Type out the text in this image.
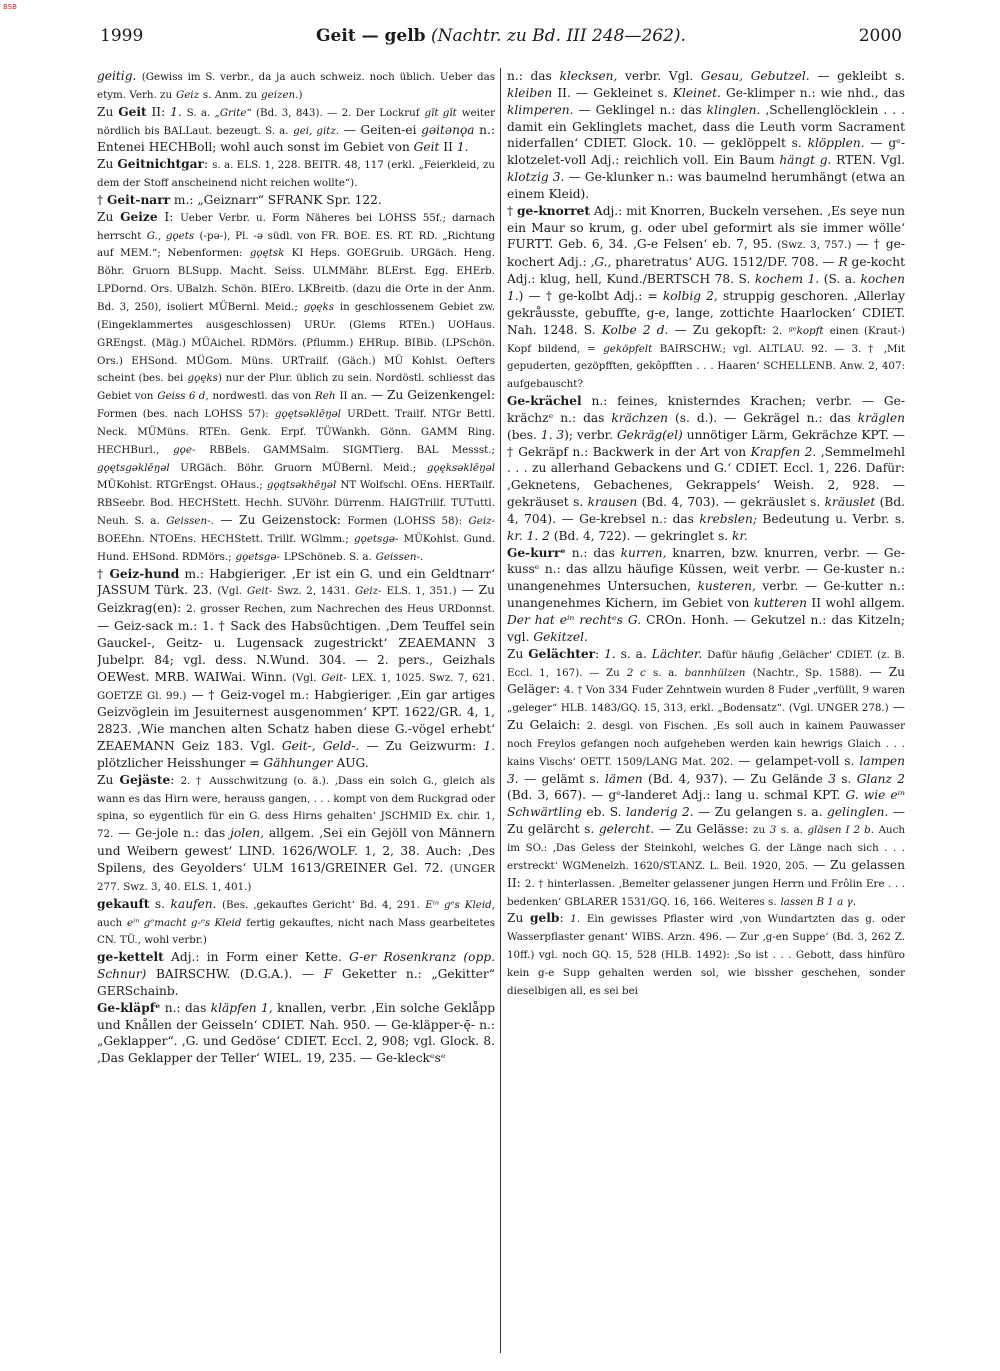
BSB
1999	Geit — gelb (Nachtr. zu Bd. III 248—262).	2000

geitig. (Gewiss im S. verbr., da ja auch schweiz. noch üblich. Ueber das etym. Verh. zu Geiz s. Anm. zu geizen.)

Zu Geit II: 1. S. a. „Grite“ (Bd. 3, 843). — 2. Der Lockruf gīt gīt weiter nördlich bis BALLaut. bezeugt. S. a. gei, gitz. — Geiten-ei gəitənǫa n.: Entenei HECHBoll; wohl auch sonst im Gebiet von Geit II 1.

Zu Geitnichtgar: s. a. ELS. 1, 228. BEITR. 48, 117 (erkl. „Feierkleid, zu dem der Stoff anscheinend nicht reichen wollte“).

† Geit-narr m.: „Geiznarr“ SFRANK Spr. 122.

Zu Geize I: Ueber Verbr. u. Form Näheres bei LOHSS 55f.; darnach herrscht G., gǫets (-pə-), Pl. -ə südl. von FR. BOE. ES. RT. RD. „Richtung auf MEM.“; Nebenformen: gǫętsk KI Heps. GOEGruib. URGäch. Heng. Böhr. Gruorn BLSupp. Macht. Seiss. ULMMähr. BLErst. Egg. EHErb. LPDornd. Ors. UBalzh. Schön. BIEro. LKBreitb. (dazu die Orte in der Anm. Bd. 3, 250), isoliert MÜBernl. Meid.; gǫęks in geschlossenem Gebiet zw. (Eingeklammertes ausgeschlossen) URUr. (Glems RTEn.) UOHaus. GREngst. (Mäg.) MÜAichel. RDMörs. (Pflumm.) EHRup. BIBib. (LPSchön. Ors.) EHSond. MÜGom. Müns. URTrailf. (Gäch.) MÜ Kohlst. Oefters scheint (bes. bei gǫęks) nur der Plur. üblich zu sein. Nordöstl. schliesst das Gebiet von Geiss 6 d, nordwestl. das von Reh II an. — Zu Geizenkengel: Formen (bes. nach LOHSS 57): gǫętsəklēŋəl URDett. Trailf. NTGr Bettl. Neck. MÜMüns. RTEn. Genk. Erpf. TÜWankh. Gönn. GAMM Ring. HECHBurl., gǫe- RBBels. GAMMSalm. SIGMTierg. BAL Messst.; gǫętsgəklēŋəl URGäch. Böhr. Gruorn MÜBernl. Meid.; gǫęksəklēŋəl MÜKohlst. RTGrEngst. OHaus.; gǫątsəkhēŋəl NT Wolfschl. OEns. HERTailf. RBSeebr. Bod. HECHStett. Hechh. SUVöhr. Dürrenm. HAIGTrillf. TUTuttl. Neuh. S. a. Geissen-. — Zu Geizenstock: Formen (LOHSS 58): Geiz- BOEEhn. NTOEns. HECHStett. Trillf. WGlmm.; gǫetsgə- MÜKohlst. Gund. Hund. EHSond. RDMörs.; gǫetsgə- LPSchöneb. S. a. Geissen-.

† Geiz-hund m.: Habgieriger. ‚Er ist ein G. und ein Geldtnarr‘ JASSUM Türk. 23. (Vgl. Geit- Swz. 2, 1431. Geiz- ELS. 1, 351.) — Zu Geizkrag(en): 2. grosser Rechen, zum Nachrechen des Heus URDonnst. — Geiz-sack m.: 1. † Sack des Habsüchtigen. ‚Dem Teuffel sein Gauckel-, Geitz- u. Lugensack zugestrickt‘ ZEAEMANN 3 Jubelpr. 84; vgl. dess. N.Wund. 304. — 2. pers., Geizhals OEWest. MRB. WAIWai. Winn. (Vgl. Geit- LEX. 1, 1025. Swz. 7, 621. GOETZE Gl. 99.) — † Geiz-vogel m.: Habgieriger. ‚Ein gar artiges Geizvöglein im Jesuiternest ausgenommen‘ KPT. 1622/GR. 4, 1, 2823. ‚Wie manchen alten Schatz haben diese G.-vögel erhebt‘ ZEAEMANN Geiz 183. Vgl. Geit-, Geld-. — Zu Geizwurm: 1. plötzlicher Heisshunger = Gähhunger AUG.

Zu Gejäste: 2. † Ausschwitzung (o. ä.). ‚Dass ein solch G., gleich als wann es das Hirn were, herauss gangen, . . . kompt von dem Ruckgrad oder spina, so eygentlich für ein G. dess Hirns gehalten‘ JSCHMID Ex. chir. 1, 72. — Ge-jole n.: das jolen, allgem. ‚Sei ein Gejöll von Männern und Weibern gewest‘ LIND. 1626/WOLF. 1, 2, 38. Auch: ‚Des Spilens, des Geyolders‘ ULM 1613/GREINER Gel. 72. (UNGER 277. Swz. 3, 40. ELS. 1, 401.)

gekauft s. kaufen. (Bes. ‚gekauftes Gericht‘ Bd. 4, 291. Eⁱⁿ gᵉs Kleid, auch eⁱⁿ gᵉmacht g-ᵉs Kleid fertig gekauftes, nicht nach Mass gearbeitetes CN. TÜ., wohl verbr.)

ge-kettelt Adj.: in Form einer Kette. G-er Rosenkranz (opp. Schnur) BAIRSCHW. (D.G.A.). — F Geketter n.: „Gekitter“ GERSchainb.

Ge-kläpfᵉ n.: das kläpfen 1, knallen, verbr. ‚Ein solche Geklåpp und Knållen der Geisseln‘ CDIET. Nah. 950. — Ge-kläpper-ę̄- n.: „Geklapper“. ‚G. und Gedöse‘ CDIET. Eccl. 2, 908; vgl. Glock. 8. ‚Das Geklapper der Teller‘ WIEL. 19, 235. — Ge-kleckᵉsᵉ

n.: das klecksen, verbr. Vgl. Gesau, Gebutzel. — gekleibt s. kleiben II. — Gekleinet s. Kleinet. Ge-klimper n.: wie nhd., das klimperen. — Geklingel n.: das klinglen. ‚Schellenglöcklein . . . damit ein Geklinglets machet, dass die Leuth vorm Sacrament niderfallen‘ CDIET. Glock. 10. — geklöppelt s. klöpplen. — gᵉ-klotzelet-voll Adj.: reichlich voll. Ein Baum hängt g. RTEN. Vgl. klotzig 3. — Ge-klunker n.: was baumelnd herumhängt (etwa an einem Kleid).

† ge-knorret Adj.: mit Knorren, Buckeln versehen. ‚Es seye nun ein Maur so krum, g. oder ubel geformirt als sie immer wölle‘ FURTT. Geb. 6, 34. ‚G-e Felsen‘ eb. 7, 95. (Swz. 3, 757.) — † ge-kochert Adj.: ‚G., pharetratus‘ AUG. 1512/DF. 708. — R ge-kocht Adj.: klug, hell, Kund./BERTSCH 78. S. kochem 1. (S. a. kochen 1.) — † ge-kolbt Adj.: = kolbig 2, struppig geschoren. ‚Allerlay gekråusste, gebuffte, g-e, lange, zottichte Haarlocken‘ CDIET. Nah. 1248. S. Kolbe 2 d. — Zu gekopft: 2. ᵍᵉkopft einen (Kraut-) Kopf bildend, = geköpfelt BAIRSCHW.; vgl. ALTLAU. 92. — 3. † ‚Mit gepuderten, gezöpfften, gekôpfften . . . Haaren‘ SCHELLENB. Anw. 2, 407: aufgebauscht?

Ge-krächel n.: feines, knisterndes Krachen; verbr. — Ge-krächzᵉ n.: das krächzen (s. d.). — Gekrägel n.: das kräglen (bes. 1. 3); verbr. Gekräg(el) unnötiger Lärm, Gekrächze KPT. — † Gekräpf n.: Backwerk in der Art von Krapfen 2. ‚Semmelmehl . . . zu allerhand Gebackens und G.‘ CDIET. Eccl. 1, 226. Dafür: ‚Geknetens, Gebachenes, Gekrappels‘ Weish. 2, 928. — gekräuset s. krausen (Bd. 4, 703). — gekräuslet s. kräuslet (Bd. 4, 704). — Ge-krebsel n.: das krebslen; Bedeutung u. Verbr. s. kr. 1. 2 (Bd. 4, 722). — gekringlet s. kr.

Ge-kurrᵉ n.: das kurren, knarren, bzw. knurren, verbr. — Ge-kussᵉ n.: das allzu häufige Küssen, weit verbr. — Ge-kuster n.: unangenehmes Untersuchen, kusteren, verbr. — Ge-kutter n.: unangenehmes Kichern, im Gebiet von kutteren II wohl allgem. Der hat eⁱⁿ rechtᵉs G. CROn. Honh. — Gekutzel n.: das Kitzeln; vgl. Gekitzel.

Zu Gelächter: 1. s. a. Lächter. Dafür häufig ‚Gelächer‘ CDIET. (z. B. Eccl. 1, 167). — Zu 2 c s. a. bannhülzen (Nachtr., Sp. 1588). — Zu Geläger: 4. † Von 334 Fuder Zehntwein wurden 8 Fuder „verfüllt, 9 waren „geleger“ HLB. 1483/GQ. 15, 313, erkl. „Bodensatz“. (Vgl. UNGER 278.) — Zu Gelaich: 2. desgl. von Fischen. ‚Es soll auch in kainem Pauwasser noch Freylos gefangen noch aufgeheben werden kain hewrigs Glaich . . . kains Vischs‘ OETT. 1509/LANG Mat. 202. — gelampet-voll s. lampen 3. — gelämt s. lämen (Bd. 4, 937). — Zu Gelände 3 s. Glanz 2 (Bd. 3, 667). — gᵉ-landeret Adj.: lang u. schmal KPT. G. wie eⁱⁿ Schwärtling eb. S. landerig 2. — Zu gelangen s. a. gelinglen. — Zu gelärcht s. gelercht. — Zu Gelässe: zu 3 s. a. gläsen I 2 b. Auch im SO.: ‚Das Geless der Steinkohl, welches G. der Länge nach sich . . . erstreckt‘ WGMenelzh. 1620/ST.ANZ. L. Beil. 1920, 205. — Zu gelassen II: 2. † hinterlassen. ‚Bemelter gelassener jungen Herrn und Frôlin Ere . . . bedenken‘ GBLARER 1531/GQ. 16, 166. Weiteres s. lassen B 1 a γ.

Zu gelb: 1. Ein gewisses Pflaster wird ‚von Wundartzten das g. oder Wasserpflaster genant‘ WIBS. Arzn. 496. — Zur ‚g-en Suppe‘ (Bd. 3, 262 Z. 10ff.) vgl. noch GQ. 15, 528 (HLB. 1492): ‚So ist . . . Gebott, dass hinfüro kein g-e Supp gehalten werden sol, wie bissher geschehen, sonder dieselbigen all, es sei bei
